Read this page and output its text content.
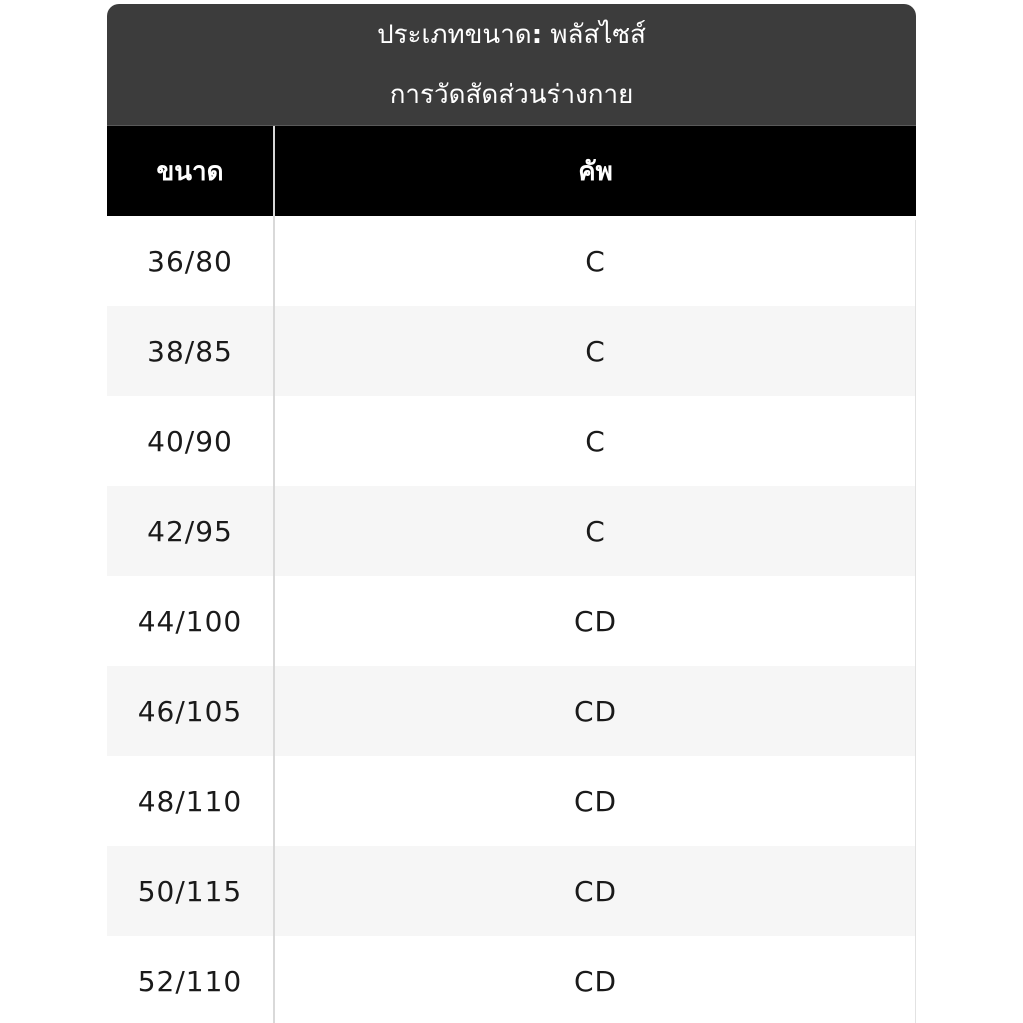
ประเภทขนาด: พลัสไซส์
การวัดสัดส่วนร่างกาย
ขนาด	คัพ
36/80	C
38/85	C
40/90	C
42/95	C
44/100	CD
46/105	CD
48/110	CD
50/115	CD
52/110	CD
